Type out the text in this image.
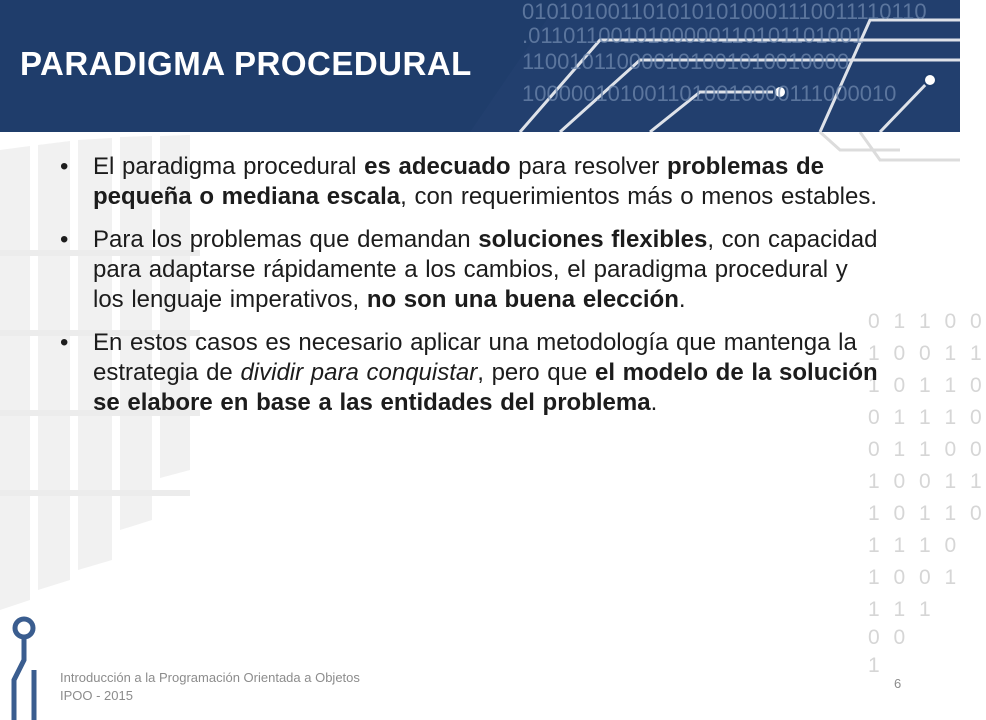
0101010011010101010001110011110110
.0110110010100000110101101001
110010110000101001010010000
1000001010011010010000111000010
PARADIGMA PROCEDURAL
0 1 1 0 0
1 0 0 1 1
1 0 1 1 0
0 1 1 1 0
0 1 1 0 0
1 0 0 1 1
1 0 1 1 0
1 1 1 0
1 0 0 1
1 1 1
0 0
1
• El paradigma procedural es adecuado para resolver problemas de pequeña o mediana escala, con requerimientos más o menos estables.
• Para los problemas que demandan soluciones flexibles, con capacidad para adaptarse rápidamente a los cambios, el paradigma procedural y los lenguaje imperativos, no son una buena elección.
• En estos casos es necesario aplicar una metodología que mantenga la estrategia de dividir para conquistar, pero que el modelo de la solución se elabore en base a las entidades del problema.
Introducción a la Programación Orientada a Objetos
IPOO - 2015
6
